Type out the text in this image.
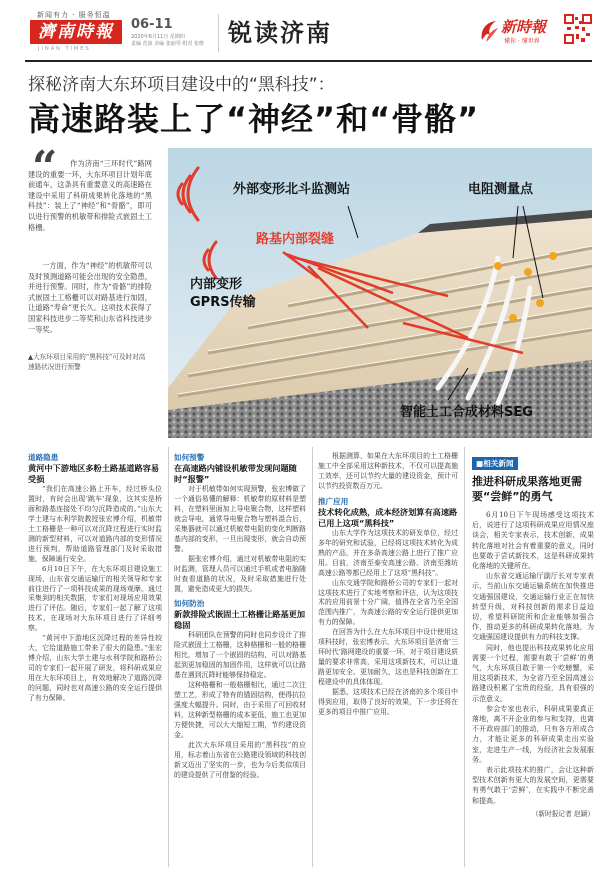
新闻有力 · 服务恒温
濟南時報
JINAN TIMES
06-11
2020年6月11日 星期四
责编 范波 美编 张丽琴 组对 张维	锐读济南	新時報
懂你 · 懂世界
探秘济南大东环项目建设中的“黑科技”：
高速路装上了“神经”和“骨骼”
“	作为济南“三环时代”路网建设的重要一环，大东环项目计划年底前通车，这条具有重要意义的高速路在建设中采用了科研成果转化落地的“黑科技”：装上了“神经”和“骨骼”，即可以进行预警的机敏带和排险式嵌固土工格栅。

一方面，作为“神经”的机敏带可以及时预测道路可能会出现的安全隐患，并进行预警。同时，作为“骨骼”的排险式嵌固土工格栅可以对路基进行加固，让道路“寿命”更长久。这项技术获得了国家科技进步二等奖和山东省科技进步一等奖。

▲大东环项目采用的“黑科技”可及时对高速路状况进行预警
外部变形北斗监测站	电阻测量点
路基内部裂缝
内部变形
GPRS传输
智能土工合成材料SEG
道路隐患
黄河中下游地区多粉土路基道路容易受损

“我们在高速公路上开车，经过桥头位置时，有时会出现‘跳车’现象，这其实是桥面和路基连接处不均匀沉降造成的。”山东大学土建与水利学院教授张宏博介绍，机敏带土工格栅是一种可以对沉降过程进行实时监测的新型材料，可以对道路内部的变形情况进行预判，帮助道路管理部门及时采取措施，保障通行安全。

6月10日下午，在大东环项目建设施工现场，山东省交通运输厅的相关领导和专家前往进行了一项科技成果的现场观摩。通过采集到的相关数据，专家们对现场应用效果进行了评估。随后，专家们一起了解了这项技术，在现场对大东环项目进行了详细考察。

“黄河中下游地区沉降过程的差异性较大，它给道路施工带来了很大的隐患。”张宏博介绍，山东大学土建与水利学院和路桥公司的专家们一起开展了研发，将科研成果应用在大东环项目上，有效地解决了道路沉降的问题，同时也对高速公路的安全运行提供了有力保障。

如何预警
在高速路内铺设机敏带发现问题随时“报警”

对于机敏带如何实现预警，张宏博做了一个通俗易懂的解释：机敏带的原材料是塑料，在塑料里面加上导电聚合物，这样塑料就会导电，通常导电聚合物与塑料混合后，采集器就可以通过机敏带电阻的变化判断路基内部的变形，一旦出现变形，就会自动预警。

据张宏博介绍，通过对机敏带电阻的实时监测，管理人员可以通过手机或者电脑随时查看道路的状况，及时采取措施进行处置，避免造成更大的损失。

如何防治
新款排险式嵌固土工格栅让路基更加稳固

科研团队在预警的同时也同步设计了排险式嵌固土工格栅，这种格栅和一般的格栅相比，增加了一个嵌固的结构，可以对路基起到更加稳固的加固作用，这样就可以让路基在遇到沉降时能够保持稳定。

这种格栅和一般格栅相比，通过二次注塑工艺，形成了特有的锚固结构，使得抗拉强度大幅提升。同时，由于采用了可回收材料，这种新型格栅的成本更低，施工也更加方便快捷，可以大大缩短工期，节约建设资金。

此次大东环项目采用的“黑科技”的应用，标志着山东省在公路建设领域的科技创新又迈出了坚实的一步，也为今后类似项目的建设提供了可借鉴的经验。

根据测算，如果在大东环项目的土工格栅施工中全部采用这种新技术，不仅可以提高施工效率，还可以节约大量的建设资金，预计可以节约投资数百万元。

推广应用
技术转化成熟，成本经济划算有高速路已用上这项“黑科技”

山东大学作为这项技术的研发单位，经过多年的研究和试验，已经将这项技术转化为成熟的产品，并在多条高速公路上进行了推广应用。目前，济南至泰安高速公路、济南至潍坊高速公路等都已经用上了这项“黑科技”。

山东交通学院和路桥公司的专家们一起对这项技术进行了实地考察和评估，认为这项技术的应用前景十分广阔，值得在全省乃至全国范围内推广，为高速公路的安全运行提供更加有力的保障。

在回答为什么在大东环项目中设计使用这项科技时，张宏博表示，大东环项目是济南‘三环时代’路网建设的重要一环，对于项目建设质量的要求非常高，采用这项新技术，可以让道路更加安全、更加耐久，这也是科技创新在工程建设中的具体体现。

据悉，这项技术已经在济南的多个项目中得到应用，取得了良好的效果，下一步还将在更多的项目中推广应用。

■相关新闻
推进科研成果落地更需要“尝鲜”的勇气

6月10日下午现场感受这项技术后，说进行了这项科研成果应用情况座谈会，相关专家表示，技术创新，成果转化落地对社会有着重要的意义，同时也要敢于尝试新技术，这是科研成果转化落地的关键所在。

山东省交通运输厅副厅长对专家表示，当前山东交通运输系统在加快推进交通强国建设，交通运输行业正在加快转型升级，对科技创新的需求日益迫切，希望科研院所和企业能够加强合作，推动更多的科研成果转化落地，为交通强国建设提供有力的科技支撑。

同时，他也提出科技成果转化应用需要一个过程，需要有敢于‘尝鲜’的勇气，大东环项目敢于第一个吃螃蟹，采用这项新技术，为全省乃至全国高速公路建设积累了宝贵的经验，具有很强的示范意义。

参会专家也表示，科研成果要真正落地，离不开企业的参与和支持，也离不开政府部门的推动，只有各方形成合力，才能让更多的科研成果走出实验室，走进生产一线，为经济社会发展服务。

表示此项技术的推广，会让这种新型技术创新有更大的发展空间，更需要有勇气敢于‘尝鲜’，在实践中不断完善和提高。

（新时报记者 赵颖）
